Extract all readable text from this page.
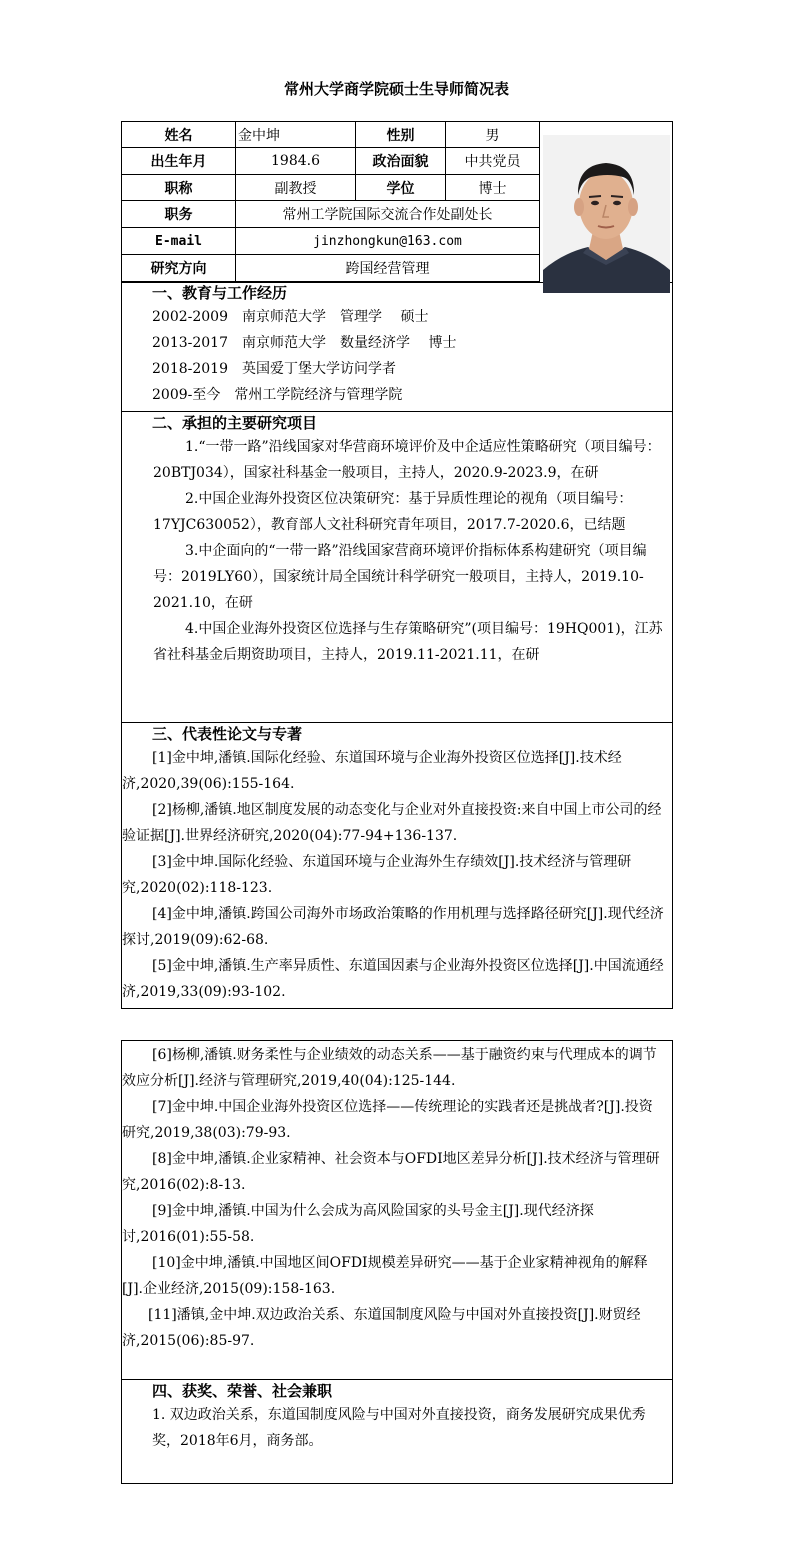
常州大学商学院硕士生导师简况表
姓名	金中坤	性别	男
出生年月	1984.6	政治面貌	中共党员
职称	副教授	学位	博士
职务	常州工学院国际交流合作处副处长
E-mail	jinzhongkun@163.com
研究方向	跨国经营管理
一、教育与工作经历
2002-2009　南京师范大学　管理学　 硕士
2013-2017　南京师范大学　数量经济学　 博士
2018-2019　英国爱丁堡大学访问学者
2009-至今　常州工学院经济与管理学院
二、承担的主要研究项目
1.“一带一路”沿线国家对华营商环境评价及中企适应性策略研究（项目编号：20BTJ034），国家社科基金一般项目，主持人，2020.9-2023.9，在研
2.中国企业海外投资区位决策研究：基于异质性理论的视角（项目编号：17YJC630052），教育部人文社科研究青年项目，2017.7-2020.6，已结题
3.中企面向的“一带一路”沿线国家营商环境评价指标体系构建研究（项目编号：2019LY60），国家统计局全国统计科学研究一般项目，主持人，2019.10-2021.10，在研
4.中国企业海外投资区位选择与生存策略研究”(项目编号：19HQ001)，江苏省社科基金后期资助项目，主持人，2019.11-2021.11，在研
三、代表性论文与专著
[1]金中坤,潘镇.国际化经验、东道国环境与企业海外投资区位选择[J].技术经济,2020,39(06):155-164.
[2]杨柳,潘镇.地区制度发展的动态变化与企业对外直接投资:来自中国上市公司的经验证据[J].世界经济研究,2020(04):77-94+136-137.
[3]金中坤.国际化经验、东道国环境与企业海外生存绩效[J].技术经济与管理研究,2020(02):118-123.
[4]金中坤,潘镇.跨国公司海外市场政治策略的作用机理与选择路径研究[J].现代经济探讨,2019(09):62-68.
[5]金中坤,潘镇.生产率异质性、东道国因素与企业海外投资区位选择[J].中国流通经济,2019,33(09):93-102.
[6]杨柳,潘镇.财务柔性与企业绩效的动态关系——基于融资约束与代理成本的调节效应分析[J].经济与管理研究,2019,40(04):125-144.
[7]金中坤.中国企业海外投资区位选择——传统理论的实践者还是挑战者?[J].投资研究,2019,38(03):79-93.
[8]金中坤,潘镇.企业家精神、社会资本与OFDI地区差异分析[J].技术经济与管理研究,2016(02):8-13.
[9]金中坤,潘镇.中国为什么会成为高风险国家的头号金主[J].现代经济探讨,2016(01):55-58.
[10]金中坤,潘镇.中国地区间OFDI规模差异研究——基于企业家精神视角的解释[J].企业经济,2015(09):158-163.
[11]潘镇,金中坤.双边政治关系、东道国制度风险与中国对外直接投资[J].财贸经济,2015(06):85-97.
四、获奖、荣誉、社会兼职
1. 双边政治关系，东道国制度风险与中国对外直接投资，商务发展研究成果优秀奖，2018年6月，商务部。
